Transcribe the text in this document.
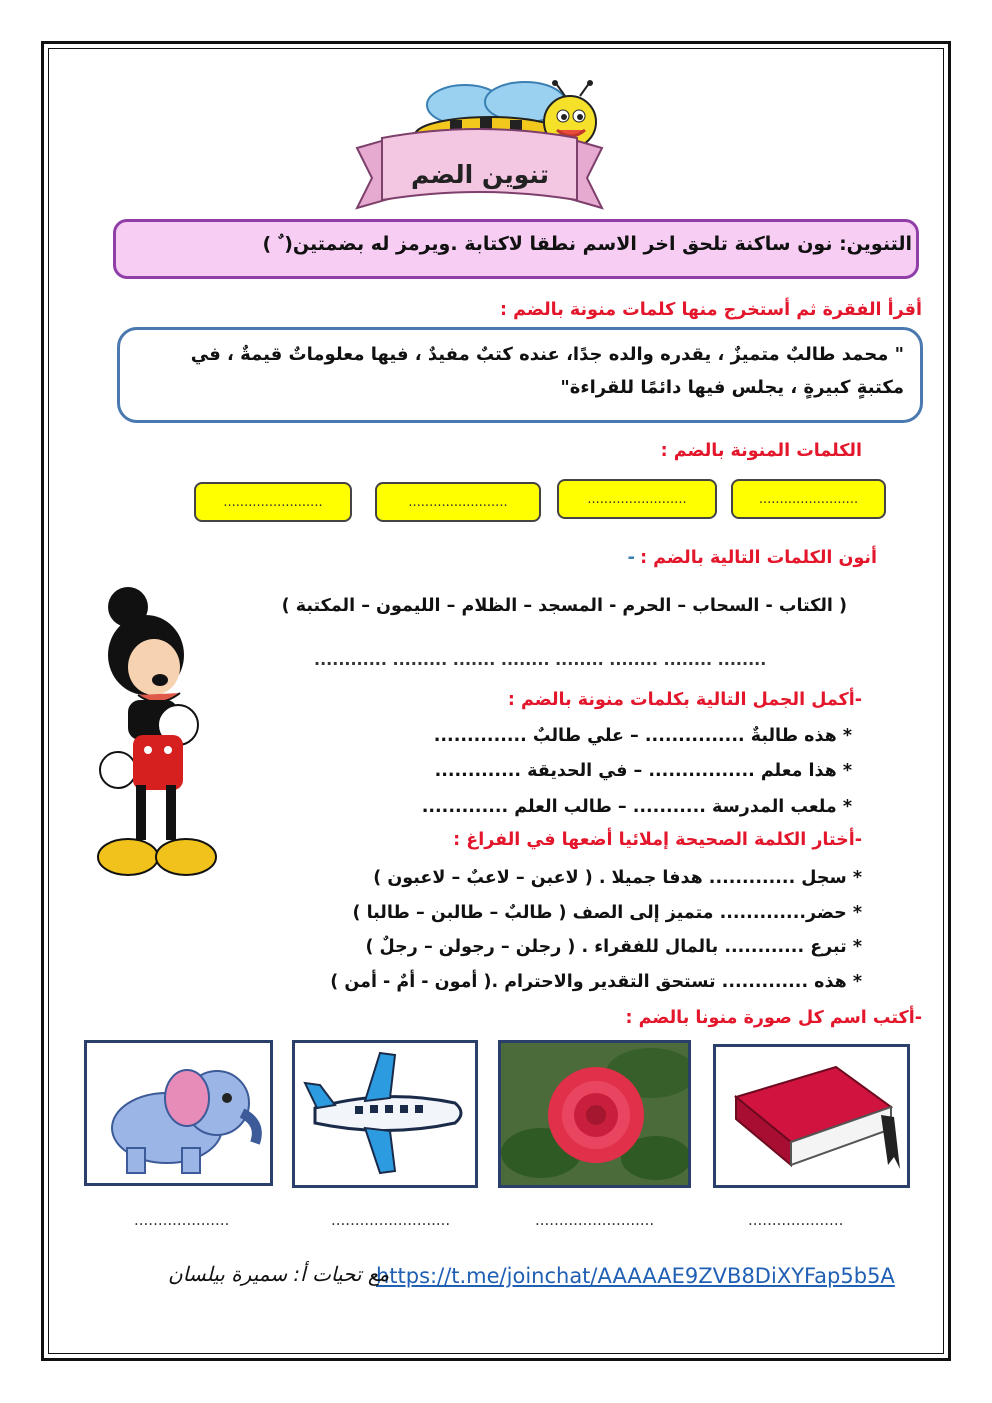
تنوين الضم
التنوين: نون ساكنة تلحق اخر الاسم نطقا لاكتابة .ويرمز له بضمتين( ٌ )
أقرأ الفقرة ثم أستخرج منها كلمات منونة بالضم :
" محمد طالبٌ متميزٌ ، يقدره والده جدًا، عنده كتبٌ مفيدٌ ، فيها معلوماتٌ قيمةٌ ، في
مكتبةٍ كبيرةٍ ، يجلس فيها دائمًا للقراءة"
الكلمات المنونة بالضم :
........................
........................
........................
........................
أنون الكلمات التالية بالضم : -
( الكتاب - السحاب – الحرم - المسجد – الظلام – الليمون – المكتبة )
............ ......... ....... ........ ........ ........ ........ ........
-أكمل الجمل التالية بكلمات منونة بالضم :
* هذه طالبةٌ ............... – علي طالبٌ ..............
* هذا معلم ................ – في الحديقة .............
* ملعب المدرسة ........... – طالب العلم .............
-أختار الكلمة الصحيحة إملائيا أضعها في الفراغ :
* سجل ............. هدفا جميلا . ( لاعبن – لاعبٌ – لاعبون )
* حضر............. متميز إلى الصف ( طالبٌ – طالبن – طالبا )
* تبرع ............ بالمال للفقراء . ( رجلن – رجولن – رجلٌ )
* هذه ............. تستحق التقدير والاحترام .( أمون - أمٌ - أمن )
-أكتب اسم كل صورة منونا بالضم :
....................
.........................
.........................
....................
https://t.me/joinchat/AAAAAE9ZVB8DiXYFap5b5A
مع تحيات أ: سميرة بيلسان
